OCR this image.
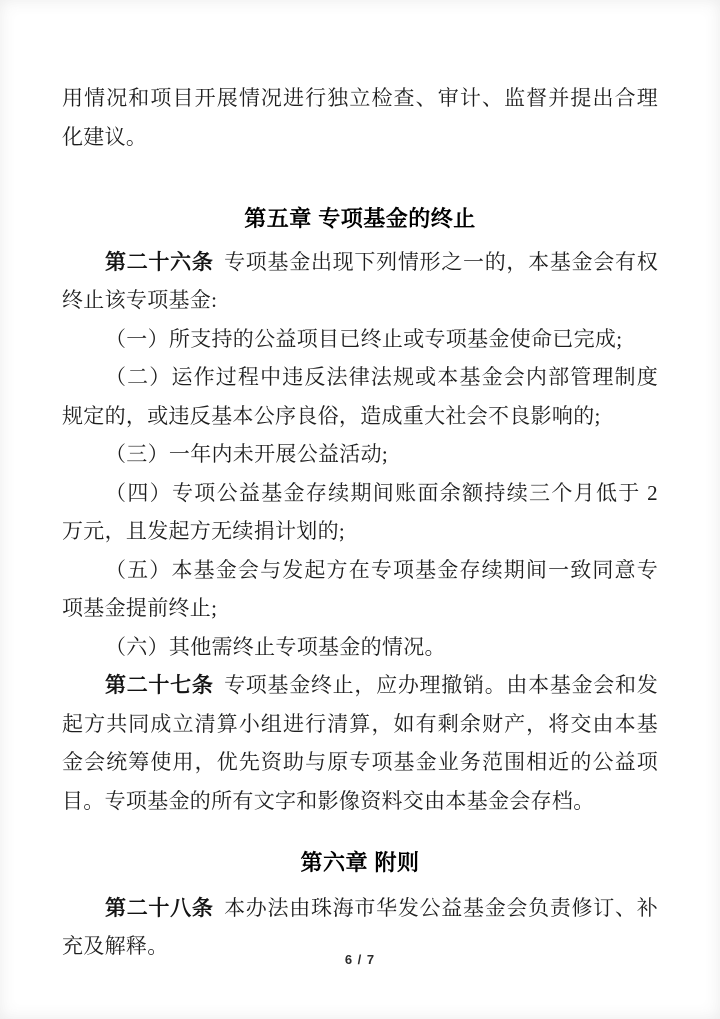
用情况和项目开展情况进行独立检查、审计、监督并提出合理化建议。

第五章 专项基金的终止

第二十六条 专项基金出现下列情形之一的，本基金会有权终止该专项基金:

（一）所支持的公益项目已终止或专项基金使命已完成;

（二）运作过程中违反法律法规或本基金会内部管理制度规定的，或违反基本公序良俗，造成重大社会不良影响的;

（三）一年内未开展公益活动;

（四）专项公益基金存续期间账面余额持续三个月低于 2 万元，且发起方无续捐计划的;

（五）本基金会与发起方在专项基金存续期间一致同意专项基金提前终止;

（六）其他需终止专项基金的情况。

第二十七条 专项基金终止，应办理撤销。由本基金会和发起方共同成立清算小组进行清算，如有剩余财产，将交由本基金会统筹使用，优先资助与原专项基金业务范围相近的公益项目。专项基金的所有文字和影像资料交由本基金会存档。

第六章 附则

第二十八条 本办法由珠海市华发公益基金会负责修订、补充及解释。

6 / 7
